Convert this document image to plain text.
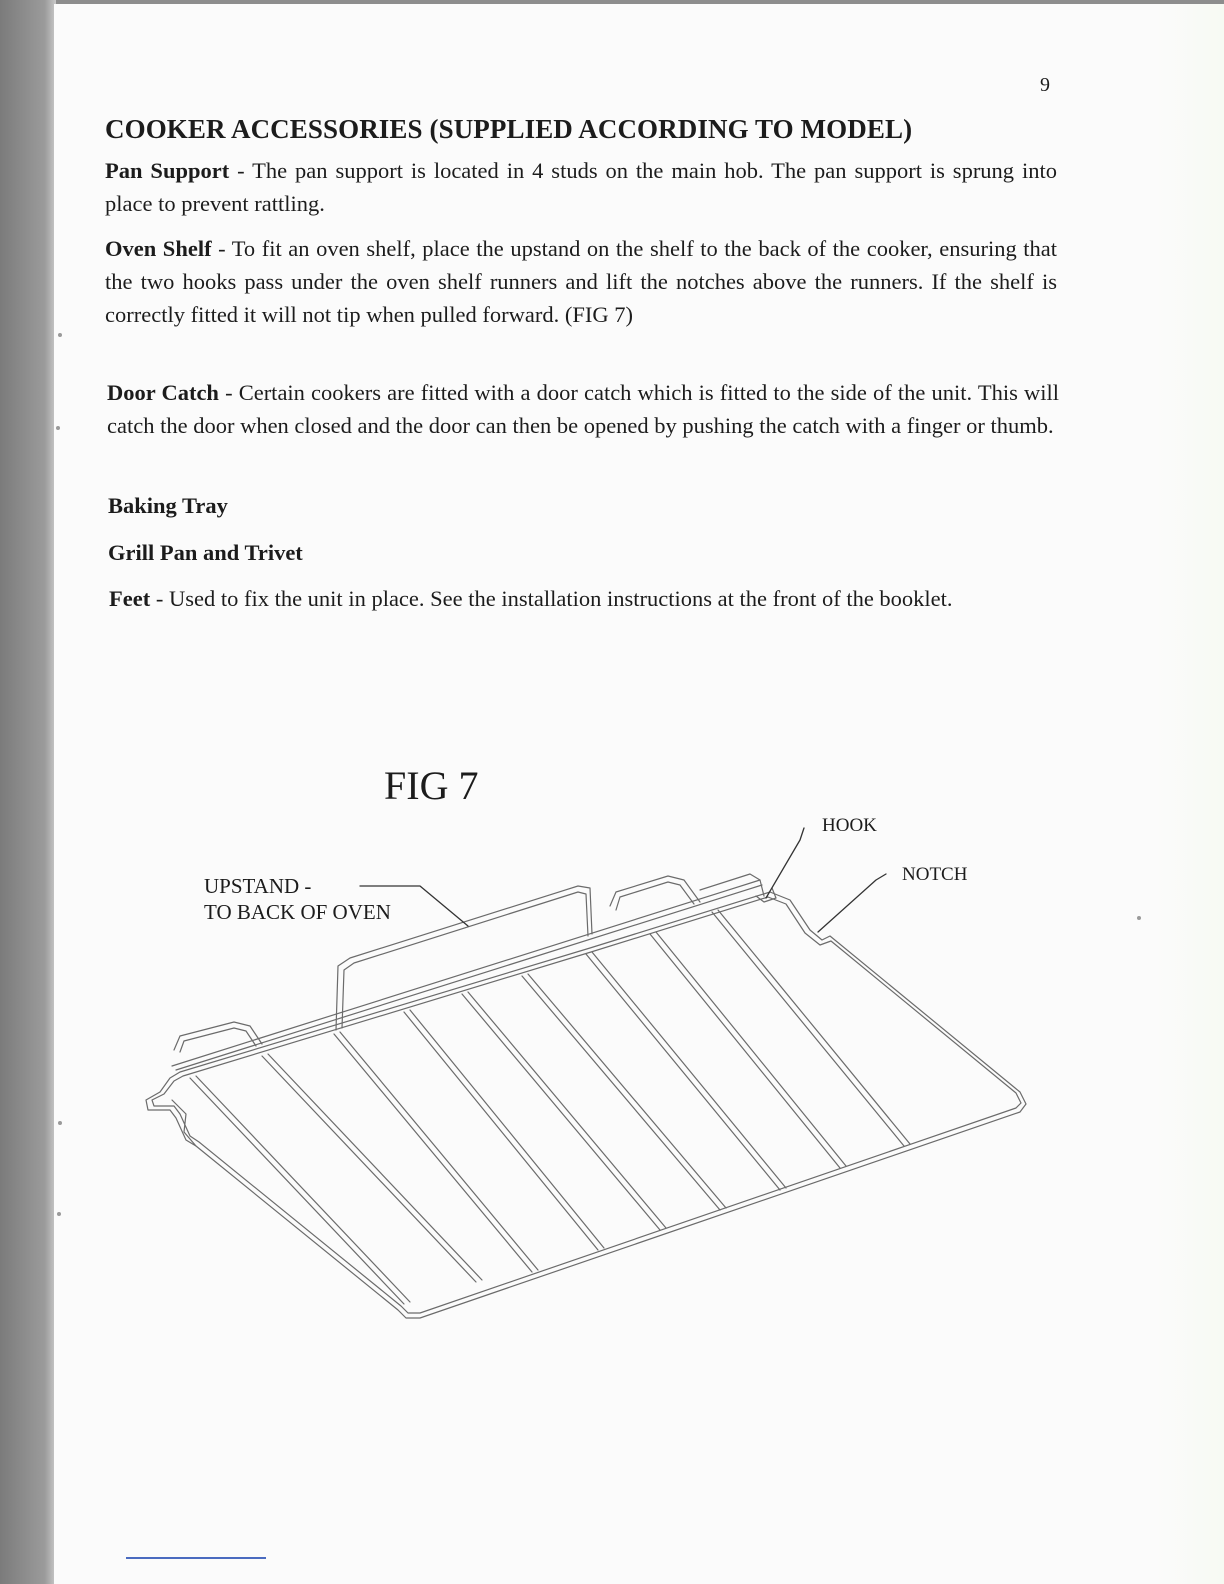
9
COOKER ACCESSORIES (SUPPLIED ACCORDING TO MODEL)

Pan Support - The pan support is located in 4 studs on the main hob. The pan support is sprung into place to prevent rattling.

Oven Shelf - To fit an oven shelf, place the upstand on the shelf to the back of the cooker, ensuring that the two hooks pass under the oven shelf runners and lift the notches above the runners. If the shelf is correctly fitted it will not tip when pulled forward. (FIG 7)

Door Catch - Certain cookers are fitted with a door catch which is fitted to the side of the unit. This will catch the door when closed and the door can then be opened by pushing the catch with a finger or thumb.

Baking Tray

Grill Pan and Trivet

Feet - Used to fix the unit in place. See the installation instructions at the front of the booklet.

FIG 7
UPSTAND -
TO BACK OF OVEN
HOOK
NOTCH
